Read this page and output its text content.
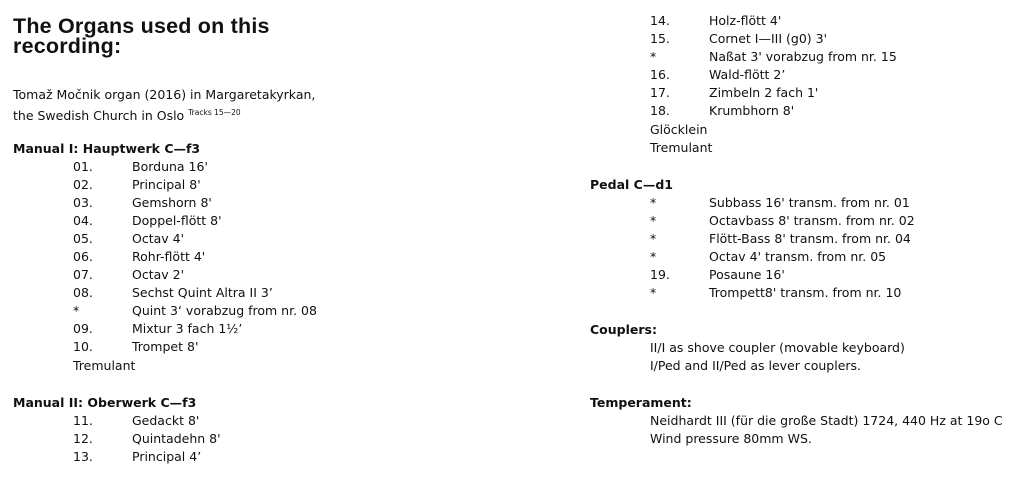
The Organs used on this recording:
Tomaž Močnik organ (2016) in Margaretakyrkan,
the Swedish Church in Oslo $^{Tracks 15—20}$
Manual I: Hauptwerk C—f3
01.	Borduna 16'
02.	Principal 8'
03.	Gemshorn 8'
04.	Doppel-flött 8'
05.	Octav 4'
06.	Rohr-flött 4'
07.	Octav 2'
08.	Sechst Quint Altra II 3’
*	Quint 3‘ vorabzug from nr. 08
09.	Mixtur 3 fach 1½’
10.	Trompet 8'
Tremulant
Manual II: Oberwerk C—f3
11.	Gedackt 8'
12.	Quintadehn 8'
13.	Principal 4’
14.	Holz-flött 4'
15.	Cornet I—III (g0) 3'
*	Naßat 3' vorabzug from nr. 15
16.	Wald-flött 2’
17.	Zimbeln 2 fach 1'
18.	Krumbhorn 8'
Glöcklein
Tremulant
Pedal C—d1
*	Subbass 16' transm. from nr. 01
*	Octavbass 8' transm. from nr. 02
*	Flött-Bass 8' transm. from nr. 04
*	Octav 4' transm. from nr. 05
19.	Posaune 16'
*	Trompett8' transm. from nr. 10
Couplers:
II/I as shove coupler (movable keyboard)
I/Ped and II/Ped as lever couplers.
Temperament:
Neidhardt III (für die große Stadt) 1724, 440 Hz at 19o C
Wind pressure 80mm WS.
